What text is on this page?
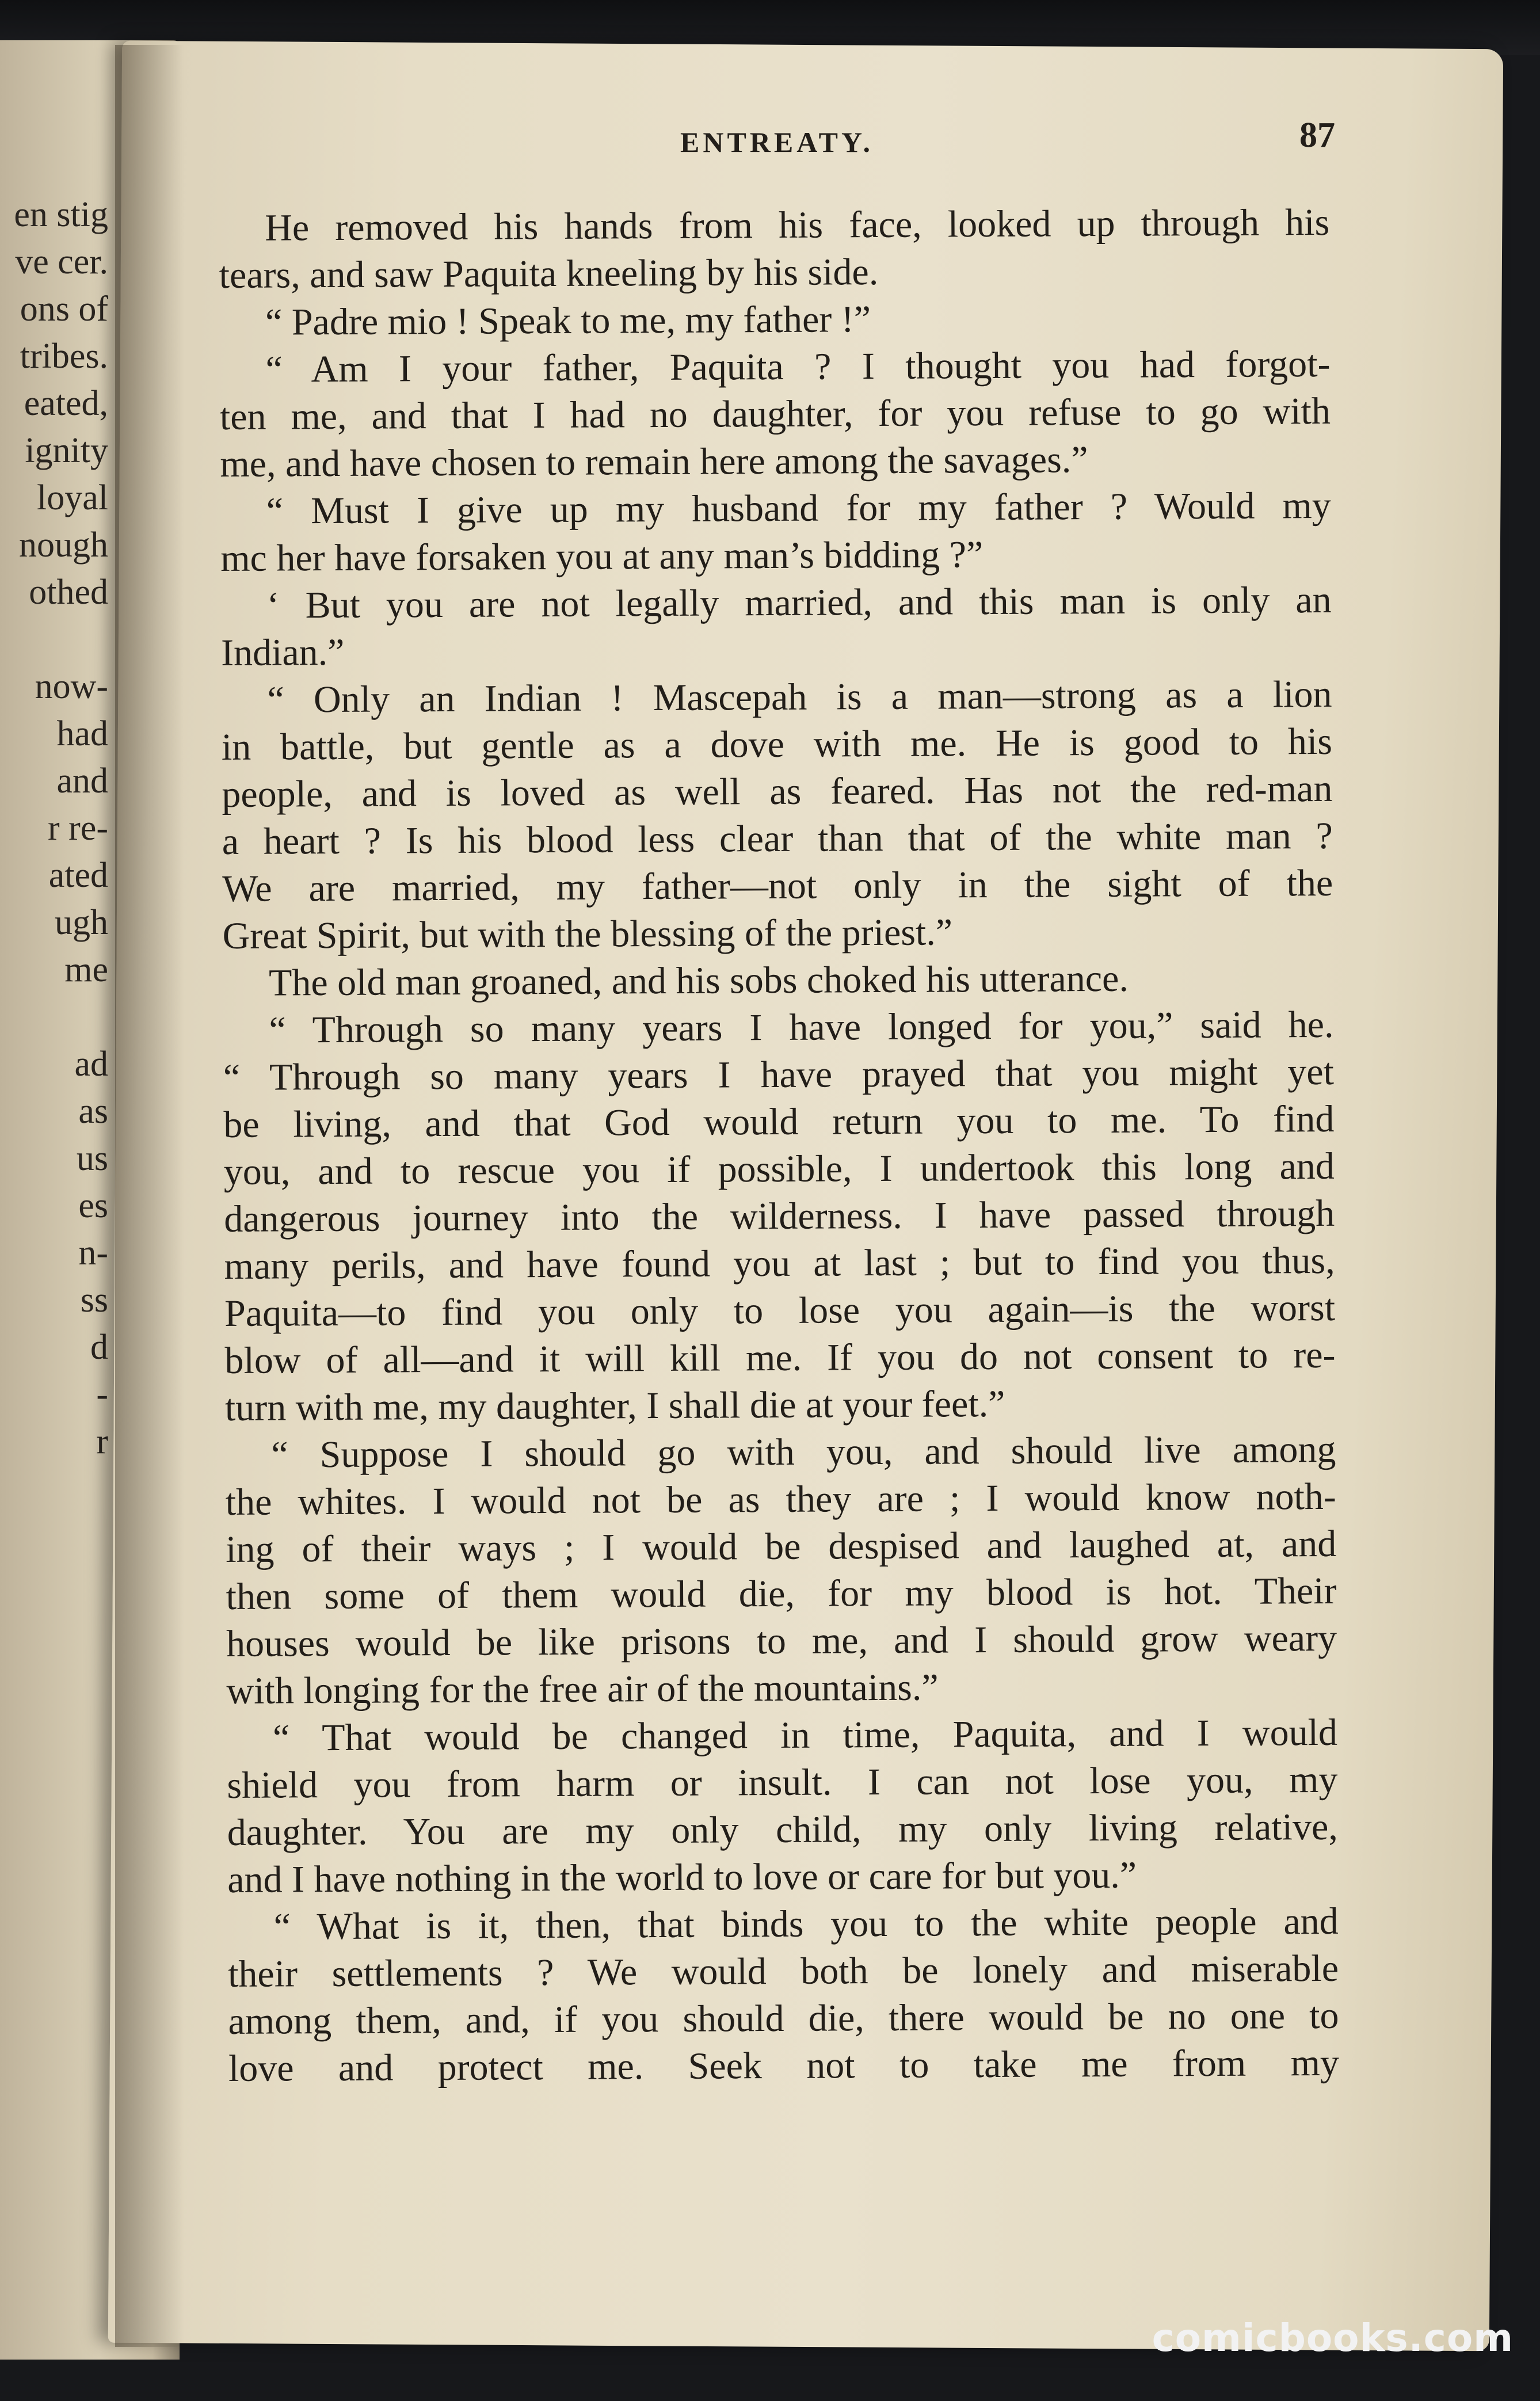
en stig
ve cer.
ons of
tribes.
eated,
ignity
loyal
nough
othed
now-
had
and
r re-
ated
ugh
me
ad
as
us
es
n-
ss
d
-
r
ENTREATY.	87
He removed his hands from his face, looked up through his
tears, and saw Paquita kneeling by his side.
“ Padre mio ! Speak to me, my father !”
“ Am I your father, Paquita ? I thought you had forgot-
ten me, and that I had no daughter, for you refuse to go with
me, and have chosen to remain here among the savages.”
“ Must I give up my husband for my father ? Would my
mc her have forsaken you at any man’s bidding ?”
‘ But you are not legally married, and this man is only an
Indian.”
“ Only an Indian ! Mascepah is a man—strong as a lion
in battle, but gentle as a dove with me. He is good to his
people, and is loved as well as feared. Has not the red-man
a heart ? Is his blood less clear than that of the white man ?
We are married, my father—not only in the sight of the
Great Spirit, but with the blessing of the priest.”
The old man groaned, and his sobs choked his utterance.
“ Through so many years I have longed for you,” said he.
“ Through so many years I have prayed that you might yet
be living, and that God would return you to me. To find
you, and to rescue you if possible, I undertook this long and
dangerous journey into the wilderness. I have passed through
many perils, and have found you at last ; but to find you thus,
Paquita—to find you only to lose you again—is the worst
blow of all—and it will kill me. If you do not consent to re-
turn with me, my daughter, I shall die at your feet.”
“ Suppose I should go with you, and should live among
the whites. I would not be as they are ; I would know noth-
ing of their ways ; I would be despised and laughed at, and
then some of them would die, for my blood is hot. Their
houses would be like prisons to me, and I should grow weary
with longing for the free air of the mountains.”
“ That would be changed in time, Paquita, and I would
shield you from harm or insult. I can not lose you, my
daughter. You are my only child, my only living relative,
and I have nothing in the world to love or care for but you.”
“ What is it, then, that binds you to the white people and
their settlements ? We would both be lonely and miserable
among them, and, if you should die, there would be no one to
love and protect me. Seek not to take me from my
comicbooks.com
